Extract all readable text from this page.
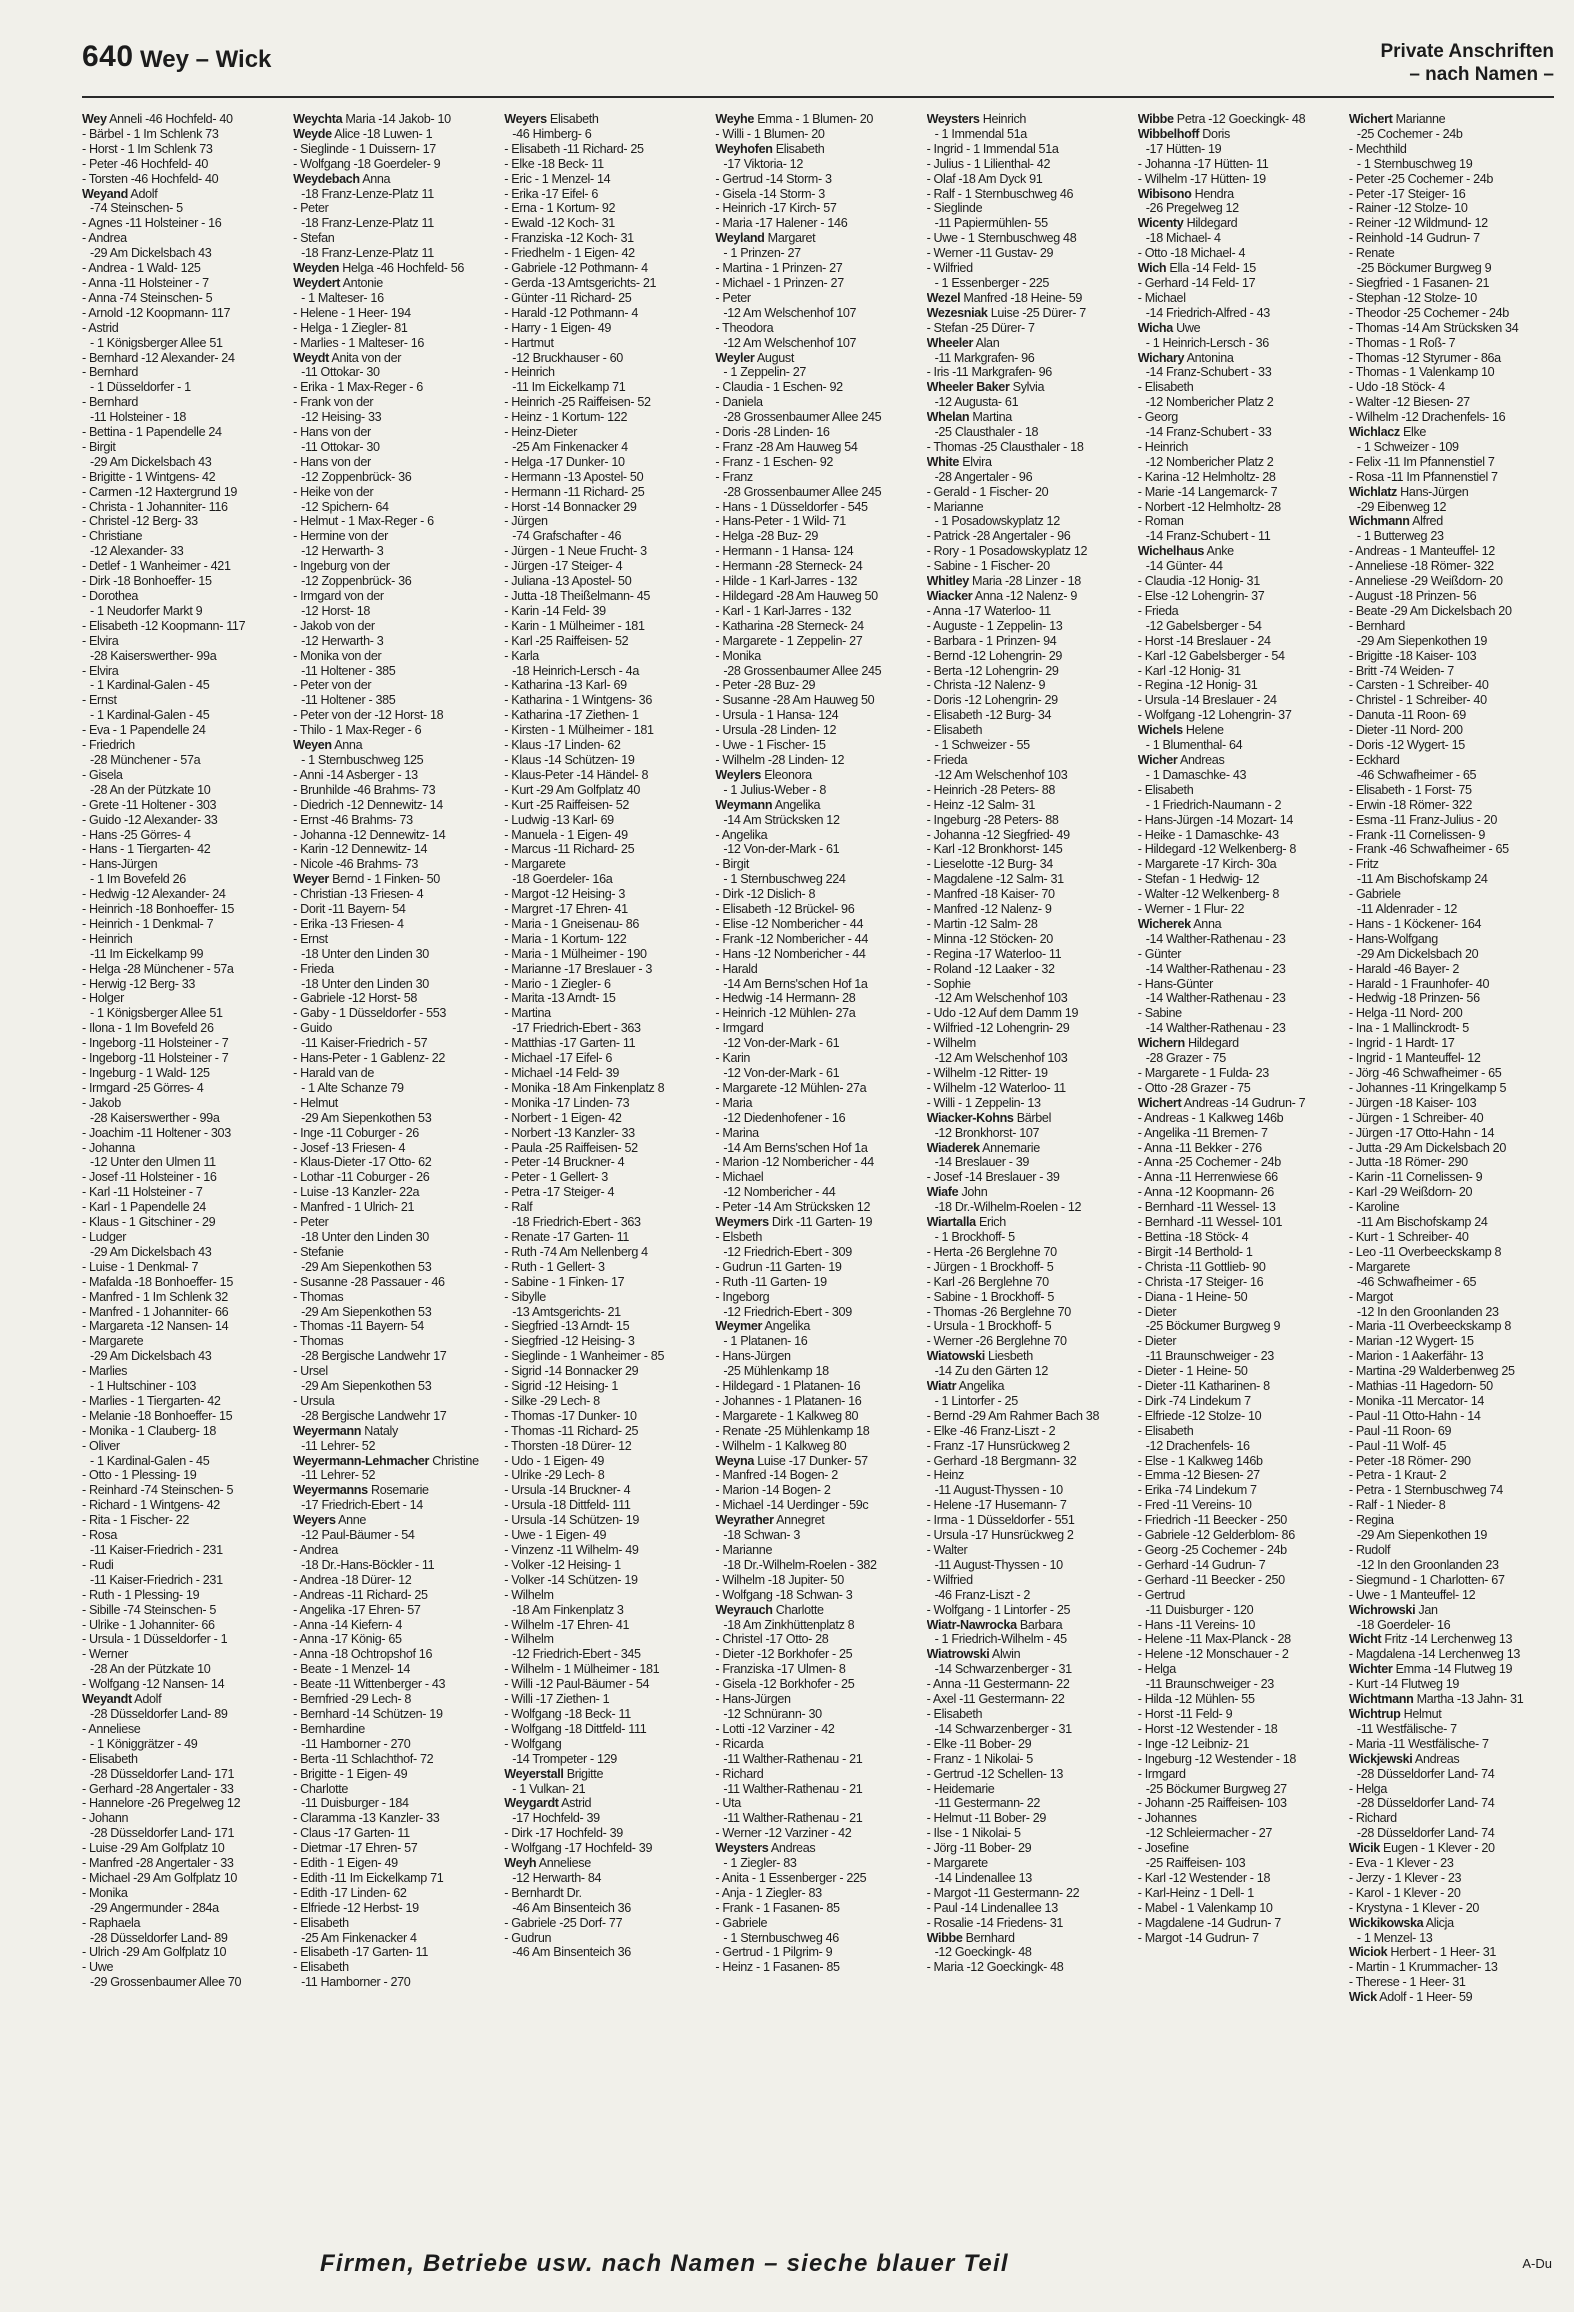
640 Wey – Wick	Private Anschriften
– nach Namen –
Wey Anneli -46 Hochfeld- 40
- Bärbel - 1 Im Schlenk 73
- Horst - 1 Im Schlenk 73
- Peter -46 Hochfeld- 40
- Torsten -46 Hochfeld- 40
Weyand Adolf
-74 Steinschen- 5
- Agnes -11 Holsteiner - 16
- Andrea
-29 Am Dickelsbach 43
- Andrea - 1 Wald- 125
- Anna -11 Holsteiner - 7
- Anna -74 Steinschen- 5
- Arnold -12 Koopmann- 117
- Astrid
- 1 Königsberger Allee 51
- Bernhard -12 Alexander- 24
- Bernhard
- 1 Düsseldorfer - 1
- Bernhard
-11 Holsteiner - 18
- Bettina - 1 Papendelle 24
- Birgit
-29 Am Dickelsbach 43
- Brigitte - 1 Wintgens- 42
- Carmen -12 Haxtergrund 19
- Christa - 1 Johanniter- 116
- Christel -12 Berg- 33
- Christiane
-12 Alexander- 33
- Detlef - 1 Wanheimer - 421
- Dirk -18 Bonhoeffer- 15
- Dorothea
- 1 Neudorfer Markt 9
- Elisabeth -12 Koopmann- 117
- Elvira
-28 Kaiserswerther- 99a
- Elvira
- 1 Kardinal-Galen - 45
- Ernst
- 1 Kardinal-Galen - 45
- Eva - 1 Papendelle 24
- Friedrich
-28 Münchener - 57a
- Gisela
-28 An der Pützkate 10
- Grete -11 Holtener - 303
- Guido -12 Alexander- 33
- Hans -25 Görres- 4
- Hans - 1 Tiergarten- 42
- Hans-Jürgen
- 1 Im Bovefeld 26
- Hedwig -12 Alexander- 24
- Heinrich -18 Bonhoeffer- 15
- Heinrich - 1 Denkmal- 7
- Heinrich
-11 Im Eickelkamp 99
- Helga -28 Münchener - 57a
- Herwig -12 Berg- 33
- Holger
- 1 Königsberger Allee 51
- Ilona - 1 Im Bovefeld 26
- Ingeborg -11 Holsteiner - 7
- Ingeborg -11 Holsteiner - 7
- Ingeburg - 1 Wald- 125
- Irmgard -25 Görres- 4
- Jakob
-28 Kaiserswerther - 99a
- Joachim -11 Holtener - 303
- Johanna
-12 Unter den Ulmen 11
- Josef -11 Holsteiner - 16
- Karl -11 Holsteiner - 7
- Karl - 1 Papendelle 24
- Klaus - 1 Gitschiner - 29
- Ludger
-29 Am Dickelsbach 43
- Luise - 1 Denkmal- 7
- Mafalda -18 Bonhoeffer- 15
- Manfred - 1 Im Schlenk 32
- Manfred - 1 Johanniter- 66
- Margareta -12 Nansen- 14
- Margarete
-29 Am Dickelsbach 43
- Marlies
- 1 Hultschiner - 103
- Marlies - 1 Tiergarten- 42
- Melanie -18 Bonhoeffer- 15
- Monika - 1 Clauberg- 18
- Oliver
- 1 Kardinal-Galen - 45
- Otto - 1 Plessing- 19
- Reinhard -74 Steinschen- 5
- Richard - 1 Wintgens- 42
- Rita - 1 Fischer- 22
- Rosa
-11 Kaiser-Friedrich - 231
- Rudi
-11 Kaiser-Friedrich - 231
- Ruth - 1 Plessing- 19
- Sibille -74 Steinschen- 5
- Ulrike - 1 Johanniter- 66
- Ursula - 1 Düsseldorfer - 1
- Werner
-28 An der Pützkate 10
- Wolfgang -12 Nansen- 14
Weyandt Adolf
-28 Düsseldorfer Land- 89
- Anneliese
- 1 Königgrätzer - 49
- Elisabeth
-28 Düsseldorfer Land- 171
- Gerhard -28 Angertaler - 33
- Hannelore -26 Pregelweg 12
- Johann
-28 Düsseldorfer Land- 171
- Luise -29 Am Golfplatz 10
- Manfred -28 Angertaler - 33
- Michael -29 Am Golfplatz 10
- Monika
-29 Angermunder - 284a
- Raphaela
-28 Düsseldorfer Land- 89
- Ulrich -29 Am Golfplatz 10
- Uwe
-29 Grossenbaumer Allee 70
Weychta Maria -14 Jakob- 10
Weyde Alice -18 Luwen- 1
- Sieglinde - 1 Duissern- 17
- Wolfgang -18 Goerdeler- 9
Weydebach Anna
-18 Franz-Lenze-Platz 11
- Peter
-18 Franz-Lenze-Platz 11
- Stefan
-18 Franz-Lenze-Platz 11
Weyden Helga -46 Hochfeld- 56
Weydert Antonie
- 1 Malteser- 16
- Helene - 1 Heer- 194
- Helga - 1 Ziegler- 81
- Marlies - 1 Malteser- 16
Weydt Anita von der
-11 Ottokar- 30
- Erika - 1 Max-Reger - 6
- Frank von der
-12 Heising- 33
- Hans von der
-11 Ottokar- 30
- Hans von der
-12 Zoppenbrück- 36
- Heike von der
-12 Spichern- 64
- Helmut - 1 Max-Reger - 6
- Hermine von der
-12 Herwarth- 3
- Ingeburg von der
-12 Zoppenbrück- 36
- Irmgard von der
-12 Horst- 18
- Jakob von der
-12 Herwarth- 3
- Monika von der
-11 Holtener - 385
- Peter von der
-11 Holtener - 385
- Peter von der -12 Horst- 18
- Thilo - 1 Max-Reger - 6
Weyen Anna
- 1 Sternbuschweg 125
- Anni -14 Asberger - 13
- Brunhilde -46 Brahms- 73
- Diedrich -12 Dennewitz- 14
- Ernst -46 Brahms- 73
- Johanna -12 Dennewitz- 14
- Karin -12 Dennewitz- 14
- Nicole -46 Brahms- 73
Weyer Bernd - 1 Finken- 50
- Christian -13 Friesen- 4
- Dorit -11 Bayern- 54
- Erika -13 Friesen- 4
- Ernst
-18 Unter den Linden 30
- Frieda
-18 Unter den Linden 30
- Gabriele -12 Horst- 58
- Gaby - 1 Düsseldorfer - 553
- Guido
-11 Kaiser-Friedrich - 57
- Hans-Peter - 1 Gablenz- 22
- Harald van de
- 1 Alte Schanze 79
- Helmut
-29 Am Siepenkothen 53
- Inge -11 Coburger - 26
- Josef -13 Friesen- 4
- Klaus-Dieter -17 Otto- 62
- Lothar -11 Coburger - 26
- Luise -13 Kanzler- 22a
- Manfred - 1 Ulrich- 21
- Peter
-18 Unter den Linden 30
- Stefanie
-29 Am Siepenkothen 53
- Susanne -28 Passauer - 46
- Thomas
-29 Am Siepenkothen 53
- Thomas -11 Bayern- 54
- Thomas
-28 Bergische Landwehr 17
- Ursel
-29 Am Siepenkothen 53
- Ursula
-28 Bergische Landwehr 17
Weyermann Nataly
-11 Lehrer- 52
Weyermann-Lehmacher Christine
-11 Lehrer- 52
Weyermanns Rosemarie
-17 Friedrich-Ebert - 14
Weyers Anne
-12 Paul-Bäumer - 54
- Andrea
-18 Dr.-Hans-Böckler - 11
- Andrea -18 Dürer- 12
- Andreas -11 Richard- 25
- Angelika -17 Ehren- 57
- Anna -14 Kiefern- 4
- Anna -17 König- 65
- Anna -18 Ochtropshof 16
- Beate - 1 Menzel- 14
- Beate -11 Wittenberger - 43
- Bernfried -29 Lech- 8
- Bernhard -14 Schützen- 19
- Bernhardine
-11 Hamborner - 270
- Berta -11 Schlachthof- 72
- Brigitte - 1 Eigen- 49
- Charlotte
-11 Duisburger - 184
- Claramma -13 Kanzler- 33
- Claus -17 Garten- 11
- Dietmar -17 Ehren- 57
- Edith - 1 Eigen- 49
- Edith -11 Im Eickelkamp 71
- Edith -17 Linden- 62
- Elfriede -12 Herbst- 19
- Elisabeth
-25 Am Finkenacker 4
- Elisabeth -17 Garten- 11
- Elisabeth
-11 Hamborner - 270
Weyers Elisabeth
-46 Himberg- 6
- Elisabeth -11 Richard- 25
- Elke -18 Beck- 11
- Eric - 1 Menzel- 14
- Erika -17 Eifel- 6
- Erna - 1 Kortum- 92
- Ewald -12 Koch- 31
- Franziska -12 Koch- 31
- Friedhelm - 1 Eigen- 42
- Gabriele -12 Pothmann- 4
- Gerda -13 Amtsgerichts- 21
- Günter -11 Richard- 25
- Harald -12 Pothmann- 4
- Harry - 1 Eigen- 49
- Hartmut
-12 Bruckhauser - 60
- Heinrich
-11 Im Eickelkamp 71
- Heinrich -25 Raiffeisen- 52
- Heinz - 1 Kortum- 122
- Heinz-Dieter
-25 Am Finkenacker 4
- Helga -17 Dunker- 10
- Hermann -13 Apostel- 50
- Hermann -11 Richard- 25
- Horst -14 Bonnacker 29
- Jürgen
-74 Grafschafter - 46
- Jürgen - 1 Neue Frucht- 3
- Jürgen -17 Steiger- 4
- Juliana -13 Apostel- 50
- Jutta -18 Theißelmann- 45
- Karin -14 Feld- 39
- Karin - 1 Mülheimer - 181
- Karl -25 Raiffeisen- 52
- Karla
-18 Heinrich-Lersch - 4a
- Katharina -13 Karl- 69
- Katharina - 1 Wintgens- 36
- Katharina -17 Ziethen- 1
- Kirsten - 1 Mülheimer - 181
- Klaus -17 Linden- 62
- Klaus -14 Schützen- 19
- Klaus-Peter -14 Händel- 8
- Kurt -29 Am Golfplatz 40
- Kurt -25 Raiffeisen- 52
- Ludwig -13 Karl- 69
- Manuela - 1 Eigen- 49
- Marcus -11 Richard- 25
- Margarete
-18 Goerdeler- 16a
- Margot -12 Heising- 3
- Margret -17 Ehren- 41
- Maria - 1 Gneisenau- 86
- Maria - 1 Kortum- 122
- Maria - 1 Mülheimer - 190
- Marianne -17 Breslauer - 3
- Mario - 1 Ziegler- 6
- Marita -13 Arndt- 15
- Martina
-17 Friedrich-Ebert - 363
- Matthias -17 Garten- 11
- Michael -17 Eifel- 6
- Michael -14 Feld- 39
- Monika -18 Am Finkenplatz 8
- Monika -17 Linden- 73
- Norbert - 1 Eigen- 42
- Norbert -13 Kanzler- 33
- Paula -25 Raiffeisen- 52
- Peter -14 Bruckner- 4
- Peter - 1 Gellert- 3
- Petra -17 Steiger- 4
- Ralf
-18 Friedrich-Ebert - 363
- Renate -17 Garten- 11
- Ruth -74 Am Nellenberg 4
- Ruth - 1 Gellert- 3
- Sabine - 1 Finken- 17
- Sibylle
-13 Amtsgerichts- 21
- Siegfried -13 Arndt- 15
- Siegfried -12 Heising- 3
- Sieglinde - 1 Wanheimer - 85
- Sigrid -14 Bonnacker 29
- Sigrid -12 Heising- 1
- Silke -29 Lech- 8
- Thomas -17 Dunker- 10
- Thomas -11 Richard- 25
- Thorsten -18 Dürer- 12
- Udo - 1 Eigen- 49
- Ulrike -29 Lech- 8
- Ursula -14 Bruckner- 4
- Ursula -18 Dittfeld- 111
- Ursula -14 Schützen- 19
- Uwe - 1 Eigen- 49
- Vinzenz -11 Wilhelm- 49
- Volker -12 Heising- 1
- Volker -14 Schützen- 19
- Wilhelm
-18 Am Finkenplatz 3
- Wilhelm -17 Ehren- 41
- Wilhelm
-12 Friedrich-Ebert - 345
- Wilhelm - 1 Mülheimer - 181
- Willi -12 Paul-Bäumer - 54
- Willi -17 Ziethen- 1
- Wolfgang -18 Beck- 11
- Wolfgang -18 Dittfeld- 111
- Wolfgang
-14 Trompeter - 129
Weyerstall Brigitte
- 1 Vulkan- 21
Weygardt Astrid
-17 Hochfeld- 39
- Dirk -17 Hochfeld- 39
- Wolfgang -17 Hochfeld- 39
Weyh Anneliese
-12 Herwarth- 84
- Bernhardt Dr.
-46 Am Binsenteich 36
- Gabriele -25 Dorf- 77
- Gudrun
-46 Am Binsenteich 36
Weyhe Emma - 1 Blumen- 20
- Willi - 1 Blumen- 20
Weyhofen Elisabeth
-17 Viktoria- 12
- Gertrud -14 Storm- 3
- Gisela -14 Storm- 3
- Heinrich -17 Kirch- 57
- Maria -17 Halener - 146
Weyland Margaret
- 1 Prinzen- 27
- Martina - 1 Prinzen- 27
- Michael - 1 Prinzen- 27
- Peter
-12 Am Welschenhof 107
- Theodora
-12 Am Welschenhof 107
Weyler August
- 1 Zeppelin- 27
- Claudia - 1 Eschen- 92
- Daniela
-28 Grossenbaumer Allee 245
- Doris -28 Linden- 16
- Franz -28 Am Hauweg 54
- Franz - 1 Eschen- 92
- Franz
-28 Grossenbaumer Allee 245
- Hans - 1 Düsseldorfer - 545
- Hans-Peter - 1 Wild- 71
- Helga -28 Buz- 29
- Hermann - 1 Hansa- 124
- Hermann -28 Sterneck- 24
- Hilde - 1 Karl-Jarres - 132
- Hildegard -28 Am Hauweg 50
- Karl - 1 Karl-Jarres - 132
- Katharina -28 Sterneck- 24
- Margarete - 1 Zeppelin- 27
- Monika
-28 Grossenbaumer Allee 245
- Peter -28 Buz- 29
- Susanne -28 Am Hauweg 50
- Ursula - 1 Hansa- 124
- Ursula -28 Linden- 12
- Uwe - 1 Fischer- 15
- Wilhelm -28 Linden- 12
Weylers Eleonora
- 1 Julius-Weber - 8
Weymann Angelika
-14 Am Strücksken 12
- Angelika
-12 Von-der-Mark - 61
- Birgit
- 1 Sternbuschweg 224
- Dirk -12 Dislich- 8
- Elisabeth -12 Brückel- 96
- Elise -12 Nombericher - 44
- Frank -12 Nombericher - 44
- Hans -12 Nombericher - 44
- Harald
-14 Am Berns'schen Hof 1a
- Hedwig -14 Hermann- 28
- Heinrich -12 Mühlen- 27a
- Irmgard
-12 Von-der-Mark - 61
- Karin
-12 Von-der-Mark - 61
- Margarete -12 Mühlen- 27a
- Maria
-12 Diedenhofener - 16
- Marina
-14 Am Berns'schen Hof 1a
- Marion -12 Nombericher - 44
- Michael
-12 Nombericher - 44
- Peter -14 Am Strücksken 12
Weymers Dirk -11 Garten- 19
- Elsbeth
-12 Friedrich-Ebert - 309
- Gudrun -11 Garten- 19
- Ruth -11 Garten- 19
- Ingeborg
-12 Friedrich-Ebert - 309
Weymer Angelika
- 1 Platanen- 16
- Hans-Jürgen
-25 Mühlenkamp 18
- Hildegard - 1 Platanen- 16
- Johannes - 1 Platanen- 16
- Margarete - 1 Kalkweg 80
- Renate -25 Mühlenkamp 18
- Wilhelm - 1 Kalkweg 80
Weyna Luise -17 Dunker- 57
- Manfred -14 Bogen- 2
- Marion -14 Bogen- 2
- Michael -14 Uerdinger - 59c
Weyrather Annegret
-18 Schwan- 3
- Marianne
-18 Dr.-Wilhelm-Roelen - 382
- Wilhelm -18 Jupiter- 50
- Wolfgang -18 Schwan- 3
Weyrauch Charlotte
-18 Am Zinkhüttenplatz 8
- Christel -17 Otto- 28
- Dieter -12 Borkhofer - 25
- Franziska -17 Ulmen- 8
- Gisela -12 Borkhofer - 25
- Hans-Jürgen
-12 Schnürann- 30
- Lotti -12 Varziner - 42
- Ricarda
-11 Walther-Rathenau - 21
- Richard
-11 Walther-Rathenau - 21
- Uta
-11 Walther-Rathenau - 21
- Werner -12 Varziner - 42
Weysters Andreas
- 1 Ziegler- 83
- Anita - 1 Essenberger - 225
- Anja - 1 Ziegler- 83
- Frank - 1 Fasanen- 85
- Gabriele
- 1 Sternbuschweg 46
- Gertrud - 1 Pilgrim- 9
- Heinz - 1 Fasanen- 85
Weysters Heinrich
- 1 Immendal 51a
- Ingrid - 1 Immendal 51a
- Julius - 1 Lilienthal- 42
- Olaf -18 Am Dyck 91
- Ralf - 1 Sternbuschweg 46
- Sieglinde
-11 Papiermühlen- 55
- Uwe - 1 Sternbuschweg 48
- Werner -11 Gustav- 29
- Wilfried
- 1 Essenberger - 225
Wezel Manfred -18 Heine- 59
Wezesniak Luise -25 Dürer- 7
- Stefan -25 Dürer- 7
Wheeler Alan
-11 Markgrafen- 96
- Iris -11 Markgrafen- 96
Wheeler Baker Sylvia
-12 Augusta- 61
Whelan Martina
-25 Clausthaler - 18
- Thomas -25 Clausthaler - 18
White Elvira
-28 Angertaler - 96
- Gerald - 1 Fischer- 20
- Marianne
- 1 Posadowskyplatz 12
- Patrick -28 Angertaler - 96
- Rory - 1 Posadowskyplatz 12
- Sabine - 1 Fischer- 20
Whitley Maria -28 Linzer - 18
Wiacker Anna -12 Nalenz- 9
- Anna -17 Waterloo- 11
- Auguste - 1 Zeppelin- 13
- Barbara - 1 Prinzen- 94
- Bernd -12 Lohengrin- 29
- Berta -12 Lohengrin- 29
- Christa -12 Nalenz- 9
- Doris -12 Lohengrin- 29
- Elisabeth -12 Burg- 34
- Elisabeth
- 1 Schweizer - 55
- Frieda
-12 Am Welschenhof 103
- Heinrich -28 Peters- 88
- Heinz -12 Salm- 31
- Ingeburg -28 Peters- 88
- Johanna -12 Siegfried- 49
- Karl -12 Bronkhorst- 145
- Lieselotte -12 Burg- 34
- Magdalene -12 Salm- 31
- Manfred -18 Kaiser- 70
- Manfred -12 Nalenz- 9
- Martin -12 Salm- 28
- Minna -12 Stöcken- 20
- Regina -17 Waterloo- 11
- Roland -12 Laaker - 32
- Sophie
-12 Am Welschenhof 103
- Udo -12 Auf dem Damm 19
- Wilfried -12 Lohengrin- 29
- Wilhelm
-12 Am Welschenhof 103
- Wilhelm -12 Ritter- 19
- Wilhelm -12 Waterloo- 11
- Willi - 1 Zeppelin- 13
Wiacker-Kohns Bärbel
-12 Bronkhorst- 107
Wiaderek Annemarie
-14 Breslauer - 39
- Josef -14 Breslauer - 39
Wiafe John
-18 Dr.-Wilhelm-Roelen - 12
Wiartalla Erich
- 1 Brockhoff- 5
- Herta -26 Berglehne 70
- Jürgen - 1 Brockhoff- 5
- Karl -26 Berglehne 70
- Sabine - 1 Brockhoff- 5
- Thomas -26 Berglehne 70
- Ursula - 1 Brockhoff- 5
- Werner -26 Berglehne 70
Wiatowski Liesbeth
-14 Zu den Gärten 12
Wiatr Angelika
- 1 Lintorfer - 25
- Bernd -29 Am Rahmer Bach 38
- Elke -46 Franz-Liszt - 2
- Franz -17 Hunsrückweg 2
- Gerhard -18 Bergmann- 32
- Heinz
-11 August-Thyssen - 10
- Helene -17 Husemann- 7
- Irma - 1 Düsseldorfer - 551
- Ursula -17 Hunsrückweg 2
- Walter
-11 August-Thyssen - 10
- Wilfried
-46 Franz-Liszt - 2
- Wolfgang - 1 Lintorfer - 25
Wiatr-Nawrocka Barbara
- 1 Friedrich-Wilhelm - 45
Wiatrowski Alwin
-14 Schwarzenberger - 31
- Anna -11 Gestermann- 22
- Axel -11 Gestermann- 22
- Elisabeth
-14 Schwarzenberger - 31
- Elke -11 Bober- 29
- Franz - 1 Nikolai- 5
- Gertrud -12 Schellen- 13
- Heidemarie
-11 Gestermann- 22
- Helmut -11 Bober- 29
- Ilse - 1 Nikolai- 5
- Jörg -11 Bober- 29
- Margarete
-14 Lindenallee 13
- Margot -11 Gestermann- 22
- Paul -14 Lindenallee 13
- Rosalie -14 Friedens- 31
Wibbe Bernhard
-12 Goeckingk- 48
- Maria -12 Goeckingk- 48
Wibbe Petra -12 Goeckingk- 48
Wibbelhoff Doris
-17 Hütten- 19
- Johanna -17 Hütten- 11
- Wilhelm -17 Hütten- 19
Wibisono Hendra
-26 Pregelweg 12
Wicenty Hildegard
-18 Michael- 4
- Otto -18 Michael- 4
Wich Ella -14 Feld- 15
- Gerhard -14 Feld- 17
- Michael
-14 Friedrich-Alfred - 43
Wicha Uwe
- 1 Heinrich-Lersch - 36
Wichary Antonina
-14 Franz-Schubert - 33
- Elisabeth
-12 Nombericher Platz 2
- Georg
-14 Franz-Schubert - 33
- Heinrich
-12 Nombericher Platz 2
- Karina -12 Helmholtz- 28
- Marie -14 Langemarck- 7
- Norbert -12 Helmholtz- 28
- Roman
-14 Franz-Schubert - 11
Wichelhaus Anke
-14 Günter- 44
- Claudia -12 Honig- 31
- Else -12 Lohengrin- 37
- Frieda
-12 Gabelsberger - 54
- Horst -14 Breslauer - 24
- Karl -12 Gabelsberger - 54
- Karl -12 Honig- 31
- Regina -12 Honig- 31
- Ursula -14 Breslauer - 24
- Wolfgang -12 Lohengrin- 37
Wichels Helene
- 1 Blumenthal- 64
Wicher Andreas
- 1 Damaschke- 43
- Elisabeth
- 1 Friedrich-Naumann - 2
- Hans-Jürgen -14 Mozart- 14
- Heike - 1 Damaschke- 43
- Hildegard -12 Welkenberg- 8
- Margarete -17 Kirch- 30a
- Stefan - 1 Hedwig- 12
- Walter -12 Welkenberg- 8
- Werner - 1 Flur- 22
Wicherek Anna
-14 Walther-Rathenau - 23
- Günter
-14 Walther-Rathenau - 23
- Hans-Günter
-14 Walther-Rathenau - 23
- Sabine
-14 Walther-Rathenau - 23
Wichern Hildegard
-28 Grazer - 75
- Margarete - 1 Fulda- 23
- Otto -28 Grazer - 75
Wichert Andreas -14 Gudrun- 7
- Andreas - 1 Kalkweg 146b
- Angelika -11 Bremen- 7
- Anna -11 Bekker - 276
- Anna -25 Cochemer - 24b
- Anna -11 Herrenwiese 66
- Anna -12 Koopmann- 26
- Bernhard -11 Wessel- 13
- Bernhard -11 Wessel- 101
- Bettina -18 Stöck- 4
- Birgit -14 Berthold- 1
- Christa -11 Gottlieb- 90
- Christa -17 Steiger- 16
- Diana - 1 Heine- 50
- Dieter
-25 Böckumer Burgweg 9
- Dieter
-11 Braunschweiger - 23
- Dieter - 1 Heine- 50
- Dieter -11 Katharinen- 8
- Dirk -74 Lindekum 7
- Elfriede -12 Stolze- 10
- Elisabeth
-12 Drachenfels- 16
- Else - 1 Kalkweg 146b
- Emma -12 Biesen- 27
- Erika -74 Lindekum 7
- Fred -11 Vereins- 10
- Friedrich -11 Beecker - 250
- Gabriele -12 Gelderblom- 86
- Georg -25 Cochemer - 24b
- Gerhard -14 Gudrun- 7
- Gerhard -11 Beecker - 250
- Gertrud
-11 Duisburger - 120
- Hans -11 Vereins- 10
- Helene -11 Max-Planck - 28
- Helene -12 Monschauer - 2
- Helga
-11 Braunschweiger - 23
- Hilda -12 Mühlen- 55
- Horst -11 Feld- 9
- Horst -12 Westender - 18
- Inge -12 Leibniz- 21
- Ingeburg -12 Westender - 18
- Irmgard
-25 Böckumer Burgweg 27
- Johann -25 Raiffeisen- 103
- Johannes
-12 Schleiermacher - 27
- Josefine
-25 Raiffeisen- 103
- Karl -12 Westender - 18
- Karl-Heinz - 1 Dell- 1
- Mabel - 1 Valenkamp 10
- Magdalene -14 Gudrun- 7
- Margot -14 Gudrun- 7
Wichert Marianne
-25 Cochemer - 24b
- Mechthild
- 1 Sternbuschweg 19
- Peter -25 Cochemer - 24b
- Peter -17 Steiger- 16
- Rainer -12 Stolze- 10
- Reiner -12 Wildmund- 12
- Reinhold -14 Gudrun- 7
- Renate
-25 Böckumer Burgweg 9
- Siegfried - 1 Fasanen- 21
- Stephan -12 Stolze- 10
- Theodor -25 Cochemer - 24b
- Thomas -14 Am Strücksken 34
- Thomas - 1 Roß- 7
- Thomas -12 Styrumer - 86a
- Thomas - 1 Valenkamp 10
- Udo -18 Stöck- 4
- Walter -12 Biesen- 27
- Wilhelm -12 Drachenfels- 16
Wichlacz Elke
- 1 Schweizer - 109
- Felix -11 Im Pfannenstiel 7
- Rosa -11 Im Pfannenstiel 7
Wichlatz Hans-Jürgen
-29 Eibenweg 12
Wichmann Alfred
- 1 Butterweg 23
- Andreas - 1 Manteuffel- 12
- Anneliese -18 Römer- 322
- Anneliese -29 Weißdorn- 20
- August -18 Prinzen- 56
- Beate -29 Am Dickelsbach 20
- Bernhard
-29 Am Siepenkothen 19
- Brigitte -18 Kaiser- 103
- Britt -74 Weiden- 7
- Carsten - 1 Schreiber- 40
- Christel - 1 Schreiber- 40
- Danuta -11 Roon- 69
- Dieter -11 Nord- 200
- Doris -12 Wygert- 15
- Eckhard
-46 Schwafheimer - 65
- Elisabeth - 1 Forst- 75
- Erwin -18 Römer- 322
- Esma -11 Franz-Julius - 20
- Frank -11 Cornelissen- 9
- Frank -46 Schwafheimer - 65
- Fritz
-11 Am Bischofskamp 24
- Gabriele
-11 Aldenrader - 12
- Hans - 1 Köckener- 164
- Hans-Wolfgang
-29 Am Dickelsbach 20
- Harald -46 Bayer- 2
- Harald - 1 Fraunhofer- 40
- Hedwig -18 Prinzen- 56
- Helga -11 Nord- 200
- Ina - 1 Mallinckrodt- 5
- Ingrid - 1 Hardt- 17
- Ingrid - 1 Manteuffel- 12
- Jörg -46 Schwafheimer - 65
- Johannes -11 Kringelkamp 5
- Jürgen -18 Kaiser- 103
- Jürgen - 1 Schreiber- 40
- Jürgen -17 Otto-Hahn - 14
- Jutta -29 Am Dickelsbach 20
- Jutta -18 Römer- 290
- Karin -11 Cornelissen- 9
- Karl -29 Weißdorn- 20
- Karoline
-11 Am Bischofskamp 24
- Kurt - 1 Schreiber- 40
- Leo -11 Overbeeckskamp 8
- Margarete
-46 Schwafheimer - 65
- Margot
-12 In den Groonlanden 23
- Maria -11 Overbeeckskamp 8
- Marian -12 Wygert- 15
- Marion - 1 Aakerfähr- 13
- Martina -29 Walderbenweg 25
- Mathias -11 Hagedorn- 50
- Monika -11 Mercator- 14
- Paul -11 Otto-Hahn - 14
- Paul -11 Roon- 69
- Paul -11 Wolf- 45
- Peter -18 Römer- 290
- Petra - 1 Kraut- 2
- Petra - 1 Sternbuschweg 74
- Ralf - 1 Nieder- 8
- Regina
-29 Am Siepenkothen 19
- Rudolf
-12 In den Groonlanden 23
- Siegmund - 1 Charlotten- 67
- Uwe - 1 Manteuffel- 12
Wichrowski Jan
-18 Goerdeler- 16
Wicht Fritz -14 Lerchenweg 13
- Magdalena -14 Lerchenweg 13
Wichter Emma -14 Flutweg 19
- Kurt -14 Flutweg 19
Wichtmann Martha -13 Jahn- 31
Wichtrup Helmut
-11 Westfälische- 7
- Maria -11 Westfälische- 7
Wickjewski Andreas
-28 Düsseldorfer Land- 74
- Helga
-28 Düsseldorfer Land- 74
- Richard
-28 Düsseldorfer Land- 74
Wicik Eugen - 1 Klever - 20
- Eva - 1 Klever - 23
- Jerzy - 1 Klever - 23
- Karol - 1 Klever - 20
- Krystyna - 1 Klever - 20
Wickikowska Alicja
- 1 Menzel- 13
Wiciok Herbert - 1 Heer- 31
- Martin - 1 Krummacher- 13
- Therese - 1 Heer- 31
Wick Adolf - 1 Heer- 59
Firmen, Betriebe usw. nach Namen – sieche blauer Teil	A-Du
